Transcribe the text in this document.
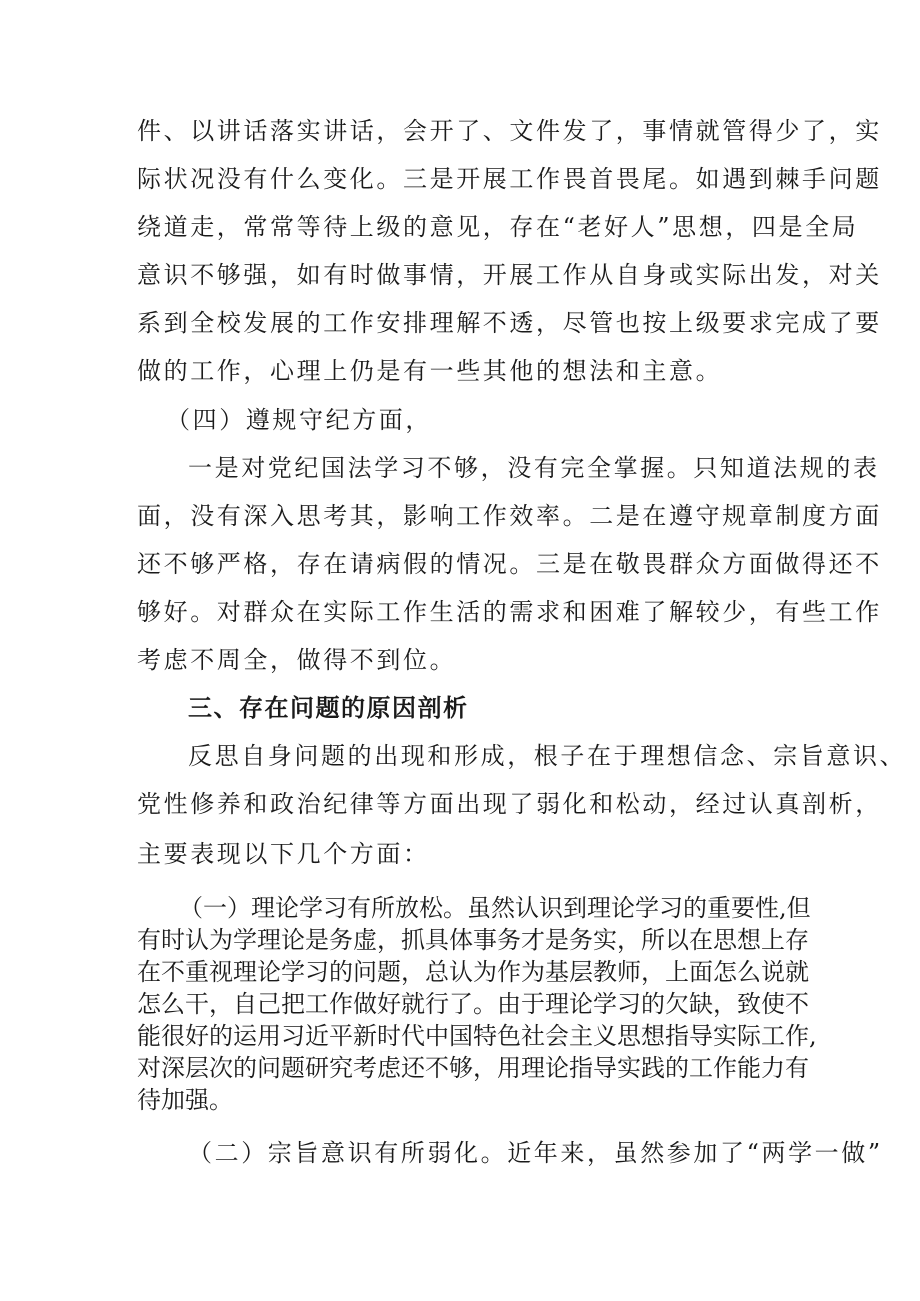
件、以讲话落实讲话，会开了、文件发了，事情就管得少了，实
际状况没有什么变化。三是开展工作畏首畏尾。如遇到棘手问题
绕道走，常常等待上级的意见，存在“老好人”思想，四是全局
意识不够强，如有时做事情，开展工作从自身或实际出发，对关
系到全校发展的工作安排理解不透，尽管也按上级要求完成了要
做的工作，心理上仍是有一些其他的想法和主意。
（四）遵规守纪方面，
一是对党纪国法学习不够，没有完全掌握。只知道法规的表
面，没有深入思考其，影响工作效率。二是在遵守规章制度方面
还不够严格，存在请病假的情况。三是在敬畏群众方面做得还不
够好。对群众在实际工作生活的需求和困难了解较少，有些工作
考虑不周全，做得不到位。
三、存在问题的原因剖析
反思自身问题的出现和形成，根子在于理想信念、宗旨意识、
党性修养和政治纪律等方面出现了弱化和松动，经过认真剖析，
主要表现以下几个方面：
（一）理论学习有所放松。虽然认识到理论学习的重要性,但
有时认为学理论是务虚，抓具体事务才是务实，所以在思想上存
在不重视理论学习的问题，总认为作为基层教师，上面怎么说就
怎么干，自己把工作做好就行了。由于理论学习的欠缺，致使不
能很好的运用习近平新时代中国特色社会主义思想指导实际工作,
对深层次的问题研究考虑还不够，用理论指导实践的工作能力有
待加强。
（二）宗旨意识有所弱化。近年来，虽然参加了“两学一做”
